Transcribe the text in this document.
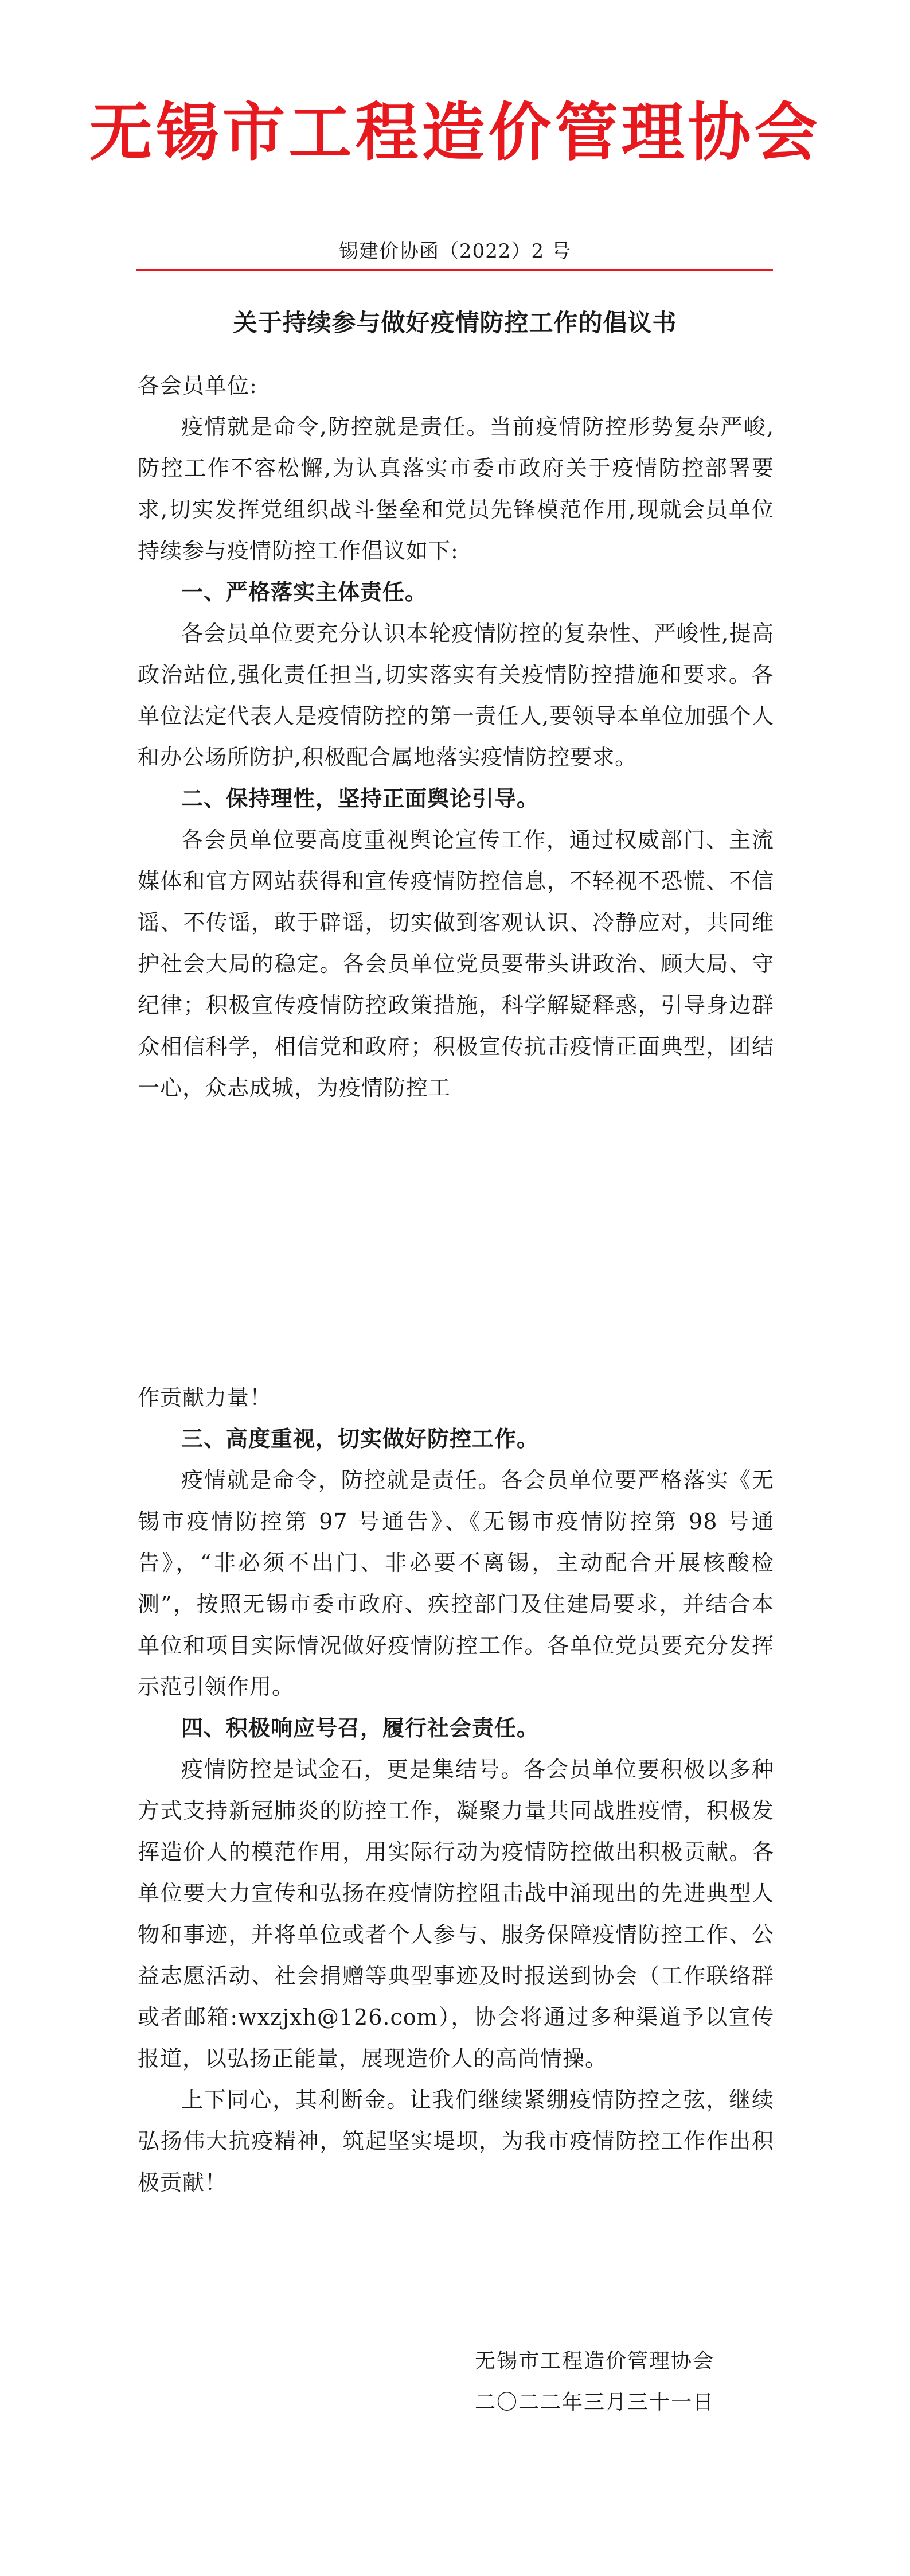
无锡市工程造价管理协会
锡建价协函（2022）2 号
关于持续参与做好疫情防控工作的倡议书

各会员单位:

疫情就是命令,防控就是责任。当前疫情防控形势复杂严峻,防控工作不容松懈,为认真落实市委市政府关于疫情防控部署要求,切实发挥党组织战斗堡垒和党员先锋模范作用,现就会员单位持续参与疫情防控工作倡议如下:

一、严格落实主体责任。

各会员单位要充分认识本轮疫情防控的复杂性、严峻性,提高政治站位,强化责任担当,切实落实有关疫情防控措施和要求。各单位法定代表人是疫情防控的第一责任人,要领导本单位加强个人和办公场所防护,积极配合属地落实疫情防控要求。

二、保持理性，坚持正面舆论引导。

各会员单位要高度重视舆论宣传工作，通过权威部门、主流媒体和官方网站获得和宣传疫情防控信息，不轻视不恐慌、不信谣、不传谣，敢于辟谣，切实做到客观认识、冷静应对，共同维护社会大局的稳定。各会员单位党员要带头讲政治、顾大局、守纪律；积极宣传疫情防控政策措施，科学解疑释惑，引导身边群众相信科学，相信党和政府；积极宣传抗击疫情正面典型，团结一心，众志成城，为疫情防控工

作贡献力量！

三、高度重视，切实做好防控工作。

疫情就是命令，防控就是责任。各会员单位要严格落实《无锡市疫情防控第 97 号通告》、《无锡市疫情防控第 98 号通告》，“非必须不出门、非必要不离锡，主动配合开展核酸检测”，按照无锡市委市政府、疾控部门及住建局要求，并结合本单位和项目实际情况做好疫情防控工作。各单位党员要充分发挥示范引领作用。

四、积极响应号召，履行社会责任。

疫情防控是试金石，更是集结号。各会员单位要积极以多种方式支持新冠肺炎的防控工作，凝聚力量共同战胜疫情，积极发挥造价人的模范作用，用实际行动为疫情防控做出积极贡献。各单位要大力宣传和弘扬在疫情防控阻击战中涌现出的先进典型人物和事迹，并将单位或者个人参与、服务保障疫情防控工作、公益志愿活动、社会捐赠等典型事迹及时报送到协会（工作联络群或者邮箱:wxzjxh@126.com），协会将通过多种渠道予以宣传报道，以弘扬正能量，展现造价人的高尚情操。

上下同心，其利断金。让我们继续紧绷疫情防控之弦，继续弘扬伟大抗疫精神，筑起坚实堤坝，为我市疫情防控工作作出积极贡献！

无锡市工程造价管理协会
二〇二二年三月三十一日
